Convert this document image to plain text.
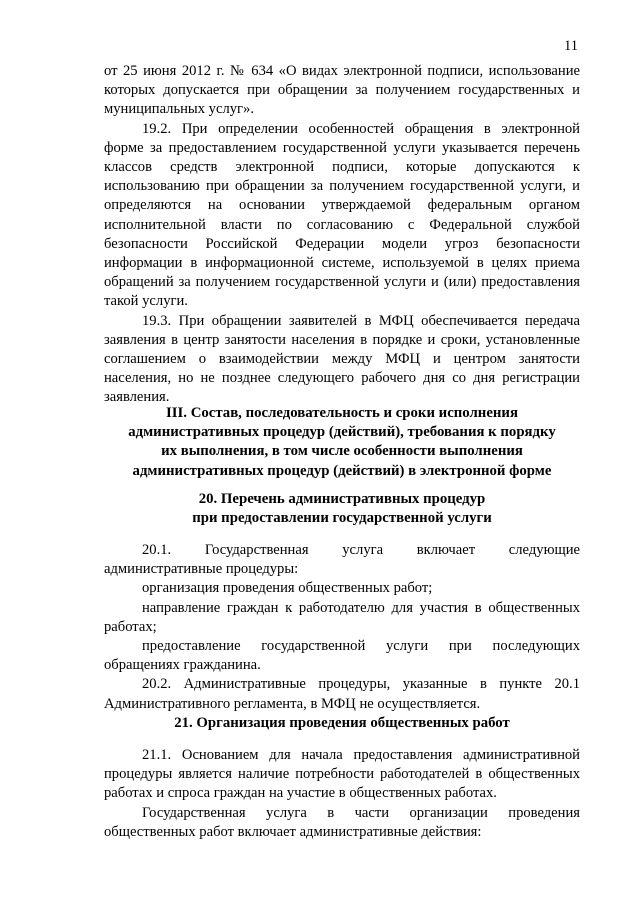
11

от 25 июня 2012 г. № 634 «О видах электронной подписи, использование которых допускается при обращении за получением государственных и муниципальных услуг».

19.2. При определении особенностей обращения в электронной форме за предоставлением государственной услуги указывается перечень классов средств электронной подписи, которые допускаются к использованию при обращении за получением государственной услуги, и определяются на основании утверждаемой федеральным органом исполнительной власти по согласованию с Федеральной службой безопасности Российской Федерации модели угроз безопасности информации в информационной системе, используемой в целях приема обращений за получением государственной услуги и (или) предоставления такой услуги.

19.3. При обращении заявителей в МФЦ обеспечивается передача заявления в центр занятости населения в порядке и сроки, установленные соглашением о взаимодействии между МФЦ и центром занятости населения, но не позднее следующего рабочего дня со дня регистрации заявления.

III. Состав, последовательность и сроки исполнения

административных процедур (действий), требования к порядку

их выполнения, в том числе особенности выполнения

административных процедур (действий) в электронной форме

20. Перечень административных процедур

при предоставлении государственной услуги

20.1. Государственная услуга включает следующие административные процедуры:

организация проведения общественных работ;

направление граждан к работодателю для участия в общественных работах;

предоставление государственной услуги при последующих обращениях гражданина.

20.2. Административные процедуры, указанные в пункте 20.1 Административного регламента, в МФЦ не осуществляется.

21. Организация проведения общественных работ

21.1. Основанием для начала предоставления административной процедуры является наличие потребности работодателей в общественных работах и спроса граждан на участие в общественных работах.

Государственная услуга в части организации проведения общественных работ включает административные действия:
